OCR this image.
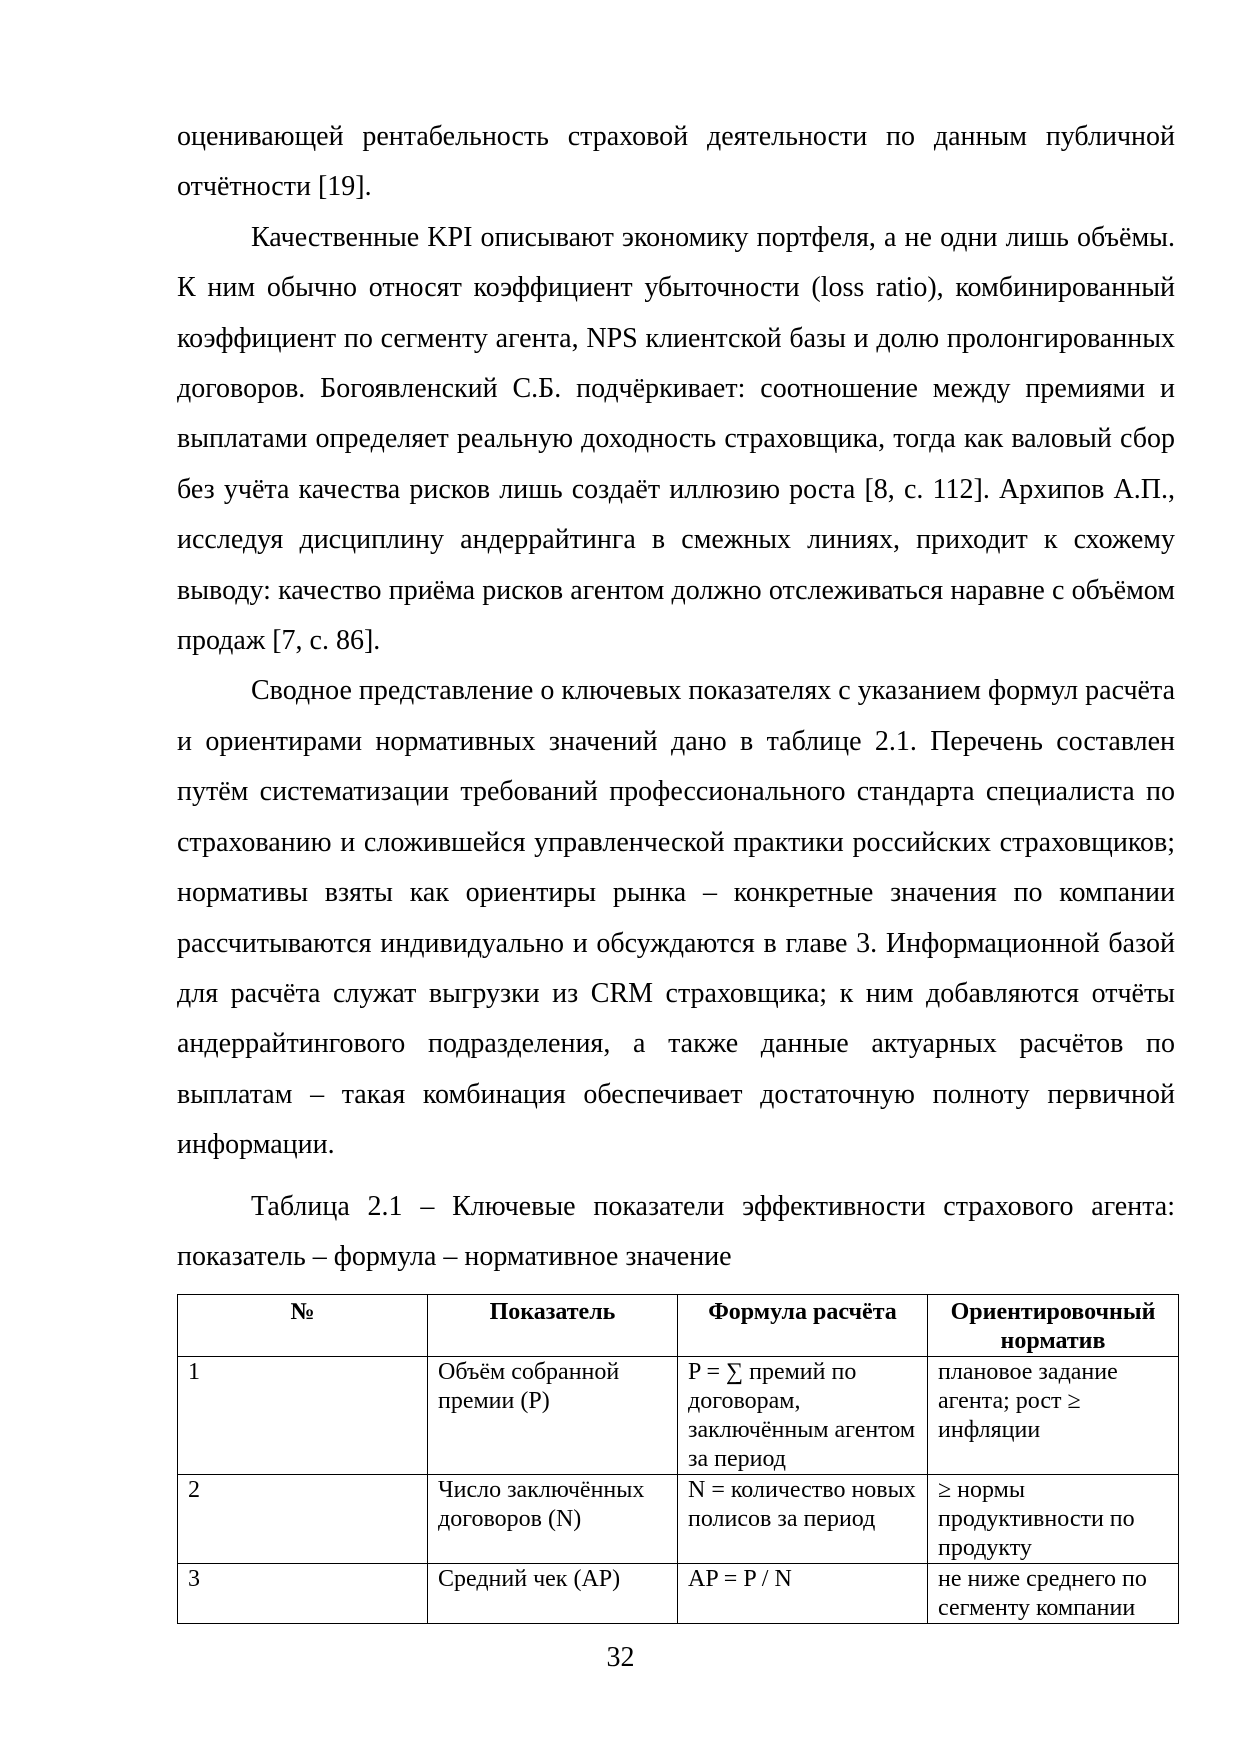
оценивающей рентабельность страховой деятельности по данным публичной отчётности [19].

Качественные KPI описывают экономику портфеля, а не одни лишь объёмы. К ним обычно относят коэффициент убыточности (loss ratio), комбинированный коэффициент по сегменту агента, NPS клиентской базы и долю пролонгированных договоров. Богоявленский С.Б. подчёркивает: соотношение между премиями и выплатами определяет реальную доходность страховщика, тогда как валовый сбор без учёта качества рисков лишь создаёт иллюзию роста [8, с. 112]. Архипов А.П., исследуя дисциплину андеррайтинга в смежных линиях, приходит к схожему выводу: качество приёма рисков агентом должно отслеживаться наравне с объёмом продаж [7, с. 86].

Сводное представление о ключевых показателях с указанием формул расчёта и ориентирами нормативных значений дано в таблице 2.1. Перечень составлен путём систематизации требований профессионального стандарта специалиста по страхованию и сложившейся управленческой практики российских страховщиков; нормативы взяты как ориентиры рынка – конкретные значения по компании рассчитываются индивидуально и обсуждаются в главе 3. Информационной базой для расчёта служат выгрузки из CRM страховщика; к ним добавляются отчёты андеррайтингового подразделения, а также данные актуарных расчётов по выплатам – такая комбинация обеспечивает достаточную полноту первичной информации.

Таблица 2.1 – Ключевые показатели эффективности страхового агента: показатель – формула – нормативное значение

№	Показатель	Формула расчёта	Ориентировочный норматив
1	Объём собранной премии (P)	P = ∑ премий по договорам, заключённым агентом за период	плановое задание агента; рост ≥ инфляции
2	Число заключённых договоров (N)	N = количество новых полисов за период	≥ нормы продуктивности по продукту
3	Средний чек (AP)	AP = P / N	не ниже среднего по сегменту компании
32
